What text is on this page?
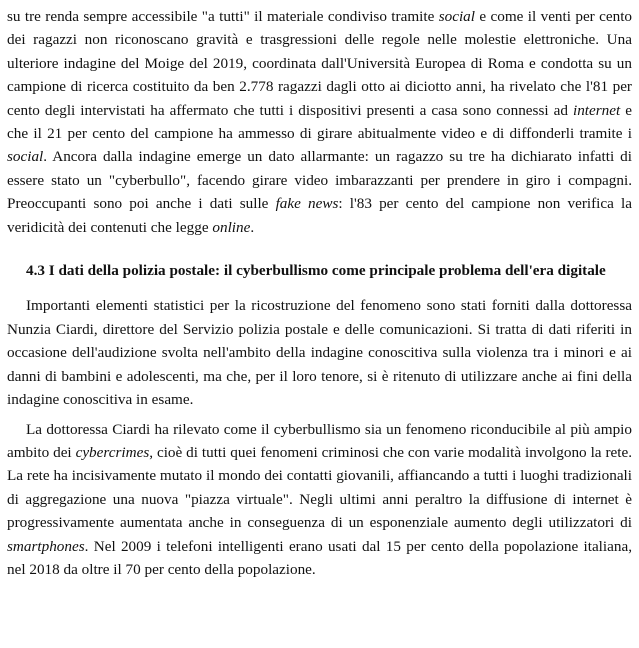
su tre renda sempre accessibile "a tutti" il materiale condiviso tramite social e come il venti per cento dei ragazzi non riconoscano gravità e trasgressioni delle regole nelle molestie elettroniche. Una ulteriore indagine del Moige del 2019, coordinata dall'Università Europea di Roma e condotta su un campione di ricerca costituito da ben 2.778 ragazzi dagli otto ai diciotto anni, ha rivelato che l'81 per cento degli intervistati ha affermato che tutti i dispositivi presenti a casa sono connessi ad internet e che il 21 per cento del campione ha ammesso di girare abitualmente video e di diffonderli tramite i social. Ancora dalla indagine emerge un dato allarmante: un ragazzo su tre ha dichiarato infatti di essere stato un "cyberbullo", facendo girare video imbarazzanti per prendere in giro i compagni. Preoccupanti sono poi anche i dati sulle fake news: l'83 per cento del campione non verifica la veridicità dei contenuti che legge online.

4.3 I dati della polizia postale: il cyberbullismo come principale problema dell'era digitale

Importanti elementi statistici per la ricostruzione del fenomeno sono stati forniti dalla dottoressa Nunzia Ciardi, direttore del Servizio polizia postale e delle comunicazioni. Si tratta di dati riferiti in occasione dell'audizione svolta nell'ambito della indagine conoscitiva sulla violenza tra i minori e ai danni di bambini e adolescenti, ma che, per il loro tenore, si è ritenuto di utilizzare anche ai fini della indagine conoscitiva in esame.

La dottoressa Ciardi ha rilevato come il cyberbullismo sia un fenomeno riconducibile al più ampio ambito dei cybercrimes, cioè di tutti quei fenomeni criminosi che con varie modalità involgono la rete. La rete ha incisivamente mutato il mondo dei contatti giovanili, affiancando a tutti i luoghi tradizionali di aggregazione una nuova "piazza virtuale". Negli ultimi anni peraltro la diffusione di internet è progressivamente aumentata anche in conseguenza di un esponenziale aumento degli utilizzatori di smartphones. Nel 2009 i telefoni intelligenti erano usati dal 15 per cento della popolazione italiana, nel 2018 da oltre il 70 per cento della popolazione.
